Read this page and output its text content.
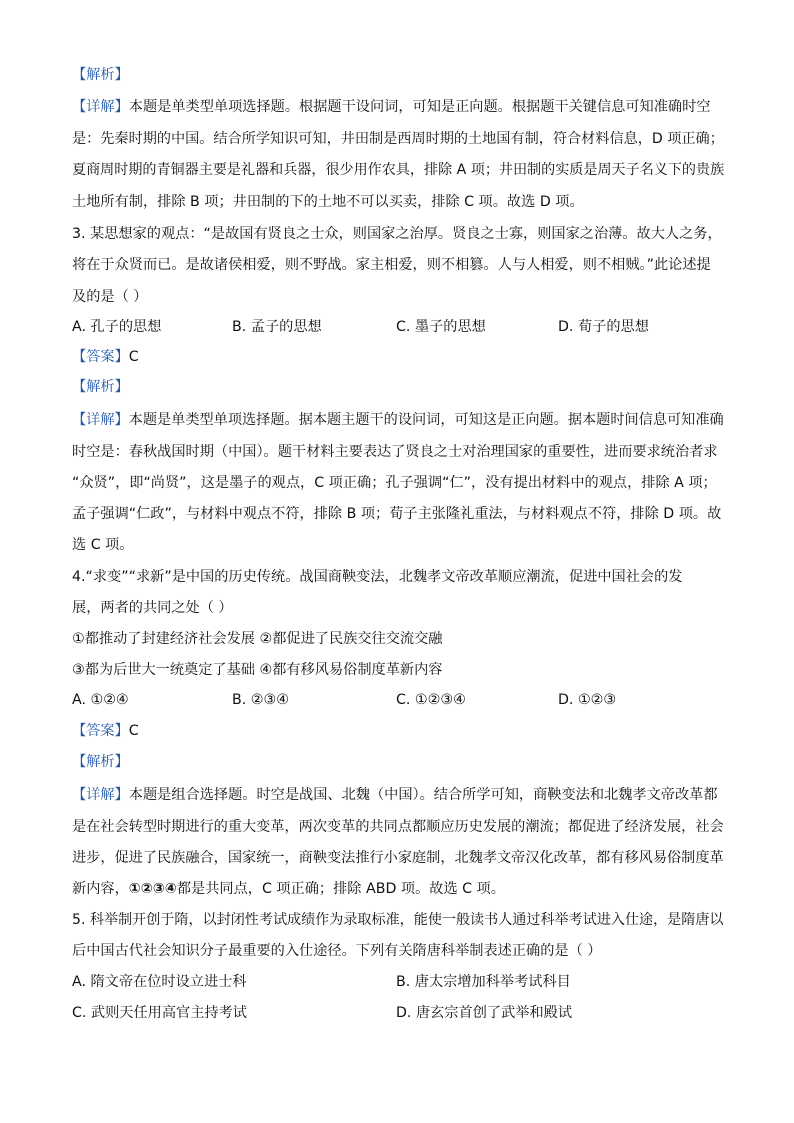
【解析】
【详解】本题是单类型单项选择题。根据题干设问词，可知是正向题。根据题干关键信息可知准确时空
是：先秦时期的中国。结合所学知识可知，井田制是西周时期的土地国有制，符合材料信息，D 项正确；
夏商周时期的青铜器主要是礼器和兵器，很少用作农具，排除 A 项；井田制的实质是周天子名义下的贵族
土地所有制，排除 B 项；井田制的下的土地不可以买卖，排除 C 项。故选 D 项。
3. 某思想家的观点：“是故国有贤良之士众，则国家之治厚。贤良之士寡，则国家之治薄。故大人之务，
将在于众贤而已。是故诸侯相爱，则不野战。家主相爱，则不相篡。人与人相爱，则不相贼。”此论述提
及的是（ ）
A. 孔子的思想	B. 孟子的思想	C. 墨子的思想	D. 荀子的思想
【答案】C
【解析】
【详解】本题是单类型单项选择题。据本题主题干的设问词，可知这是正向题。据本题时间信息可知准确
时空是：春秋战国时期（中国）。题干材料主要表达了贤良之士对治理国家的重要性，进而要求统治者求
“众贤”，即“尚贤”，这是墨子的观点，C 项正确；孔子强调“仁”，没有提出材料中的观点，排除 A 项；
孟子强调“仁政”，与材料中观点不符，排除 B 项；荀子主张隆礼重法，与材料观点不符，排除 D 项。故
选 C 项。
4.“求变”“求新”是中国的历史传统。战国商鞅变法，北魏孝文帝改革顺应潮流，促进中国社会的发
展，两者的共同之处（ ）
①都推动了封建经济社会发展 ②都促进了民族交往交流交融
③都为后世大一统奠定了基础 ④都有移风易俗制度革新内容
A. ①②④	B. ②③④	C. ①②③④	D. ①②③
【答案】C
【解析】
【详解】本题是组合选择题。时空是战国、北魏（中国）。结合所学可知，商鞅变法和北魏孝文帝改革都
是在社会转型时期进行的重大变革，两次变革的共同点都顺应历史发展的潮流；都促进了经济发展，社会
进步，促进了民族融合，国家统一，商鞅变法推行小家庭制，北魏孝文帝汉化改革，都有移风易俗制度革
新内容，①②③④都是共同点，C 项正确；排除 ABD 项。故选 C 项。
5. 科举制开创于隋，以封闭性考试成绩作为录取标准，能使一般读书人通过科举考试进入仕途，是隋唐以
后中国古代社会知识分子最重要的入仕途径。下列有关隋唐科举制表述正确的是（ ）
A. 隋文帝在位时设立进士科	B. 唐太宗增加科举考试科目
C. 武则天任用高官主持考试	D. 唐玄宗首创了武举和殿试
